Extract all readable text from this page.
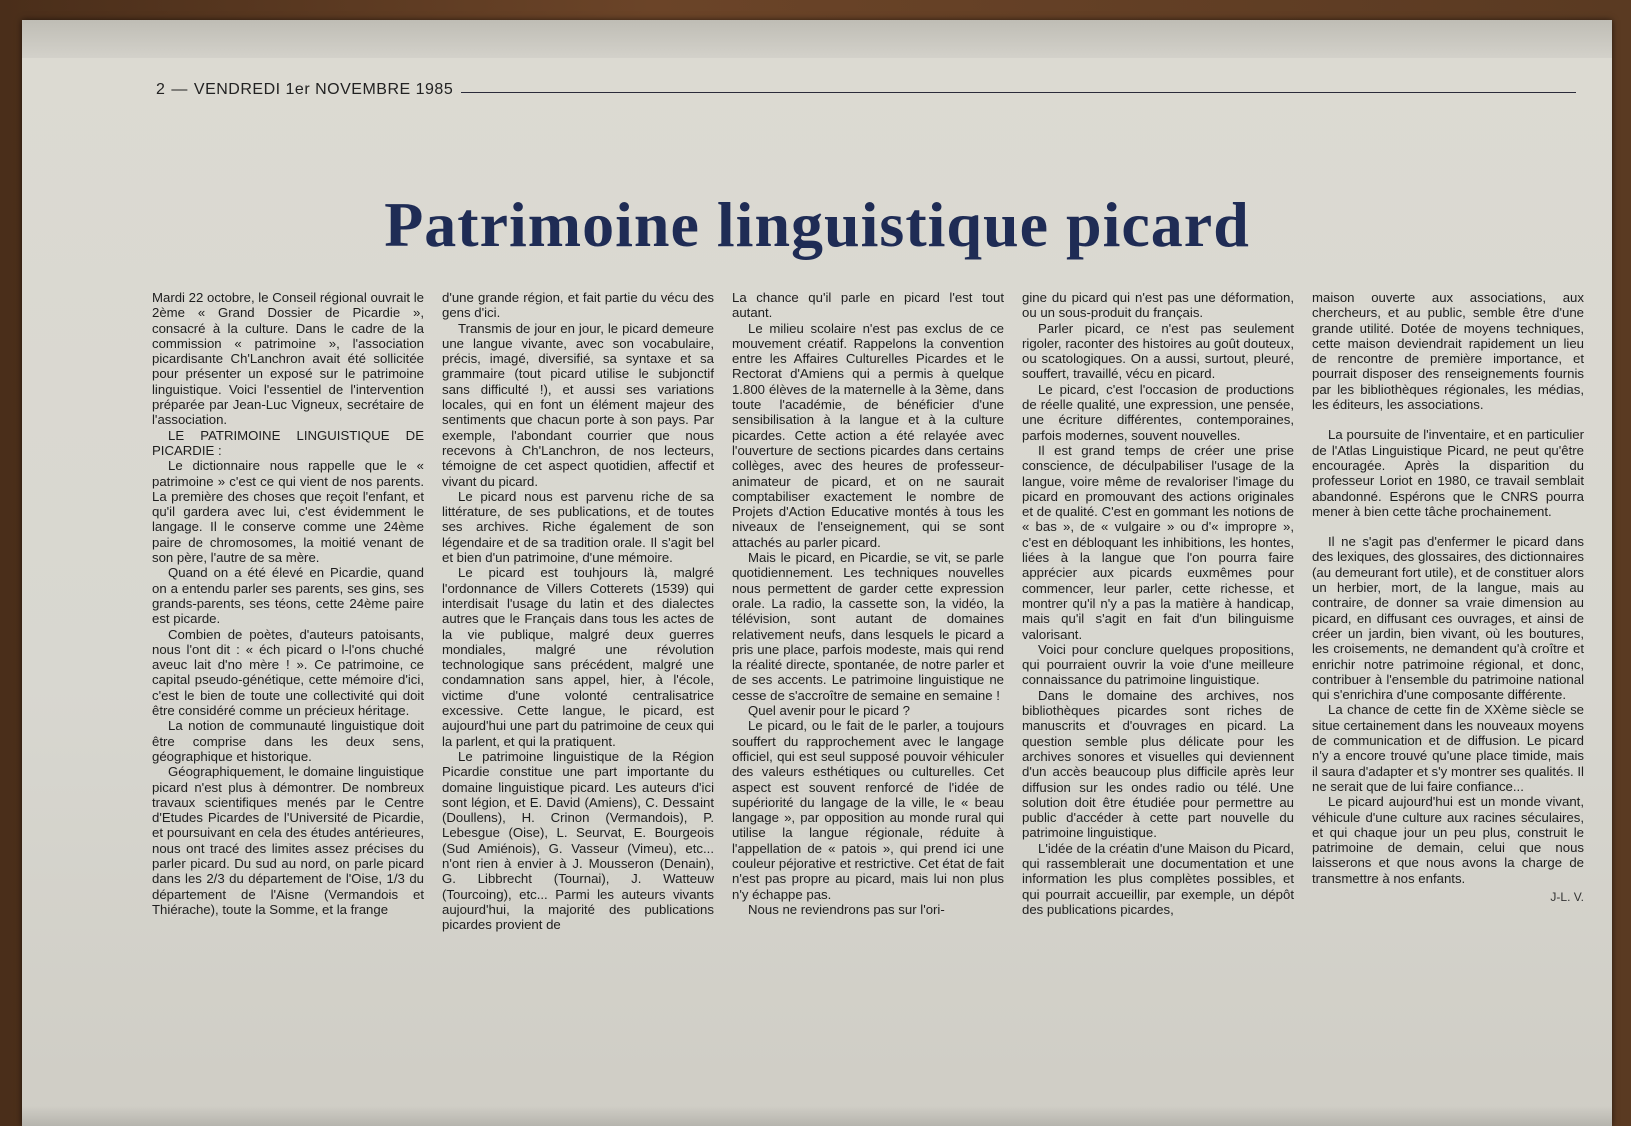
2 — VENDREDI 1er NOVEMBRE 1985
Patrimoine linguistique picard

Mardi 22 octobre, le Conseil régional ouvrait le 2ème « Grand Dossier de Picardie », consacré à la culture. Dans le cadre de la commission « patrimoine », l'association picardisante Ch'Lanchron avait été sollicitée pour présenter un exposé sur le patrimoine linguistique. Voici l'essentiel de l'intervention préparée par Jean-Luc Vigneux, secrétaire de l'association.

LE PATRIMOINE LINGUISTIQUE DE PICARDIE :

Le dictionnaire nous rappelle que le « patrimoine » c'est ce qui vient de nos parents. La première des choses que reçoit l'enfant, et qu'il gardera avec lui, c'est évidemment le langage. Il le conserve comme une 24ème paire de chromosomes, la moitié venant de son père, l'autre de sa mère.

Quand on a été élevé en Picardie, quand on a entendu parler ses parents, ses gins, ses grands-parents, ses téons, cette 24ème paire est picarde.

Combien de poètes, d'auteurs patoisants, nous l'ont dit : « éch picard o l-l'ons chuché aveuc lait d'no mère ! ». Ce patrimoine, ce capital pseudo-génétique, cette mémoire d'ici, c'est le bien de toute une collectivité qui doit être considéré comme un précieux héritage.

La notion de communauté linguistique doit être comprise dans les deux sens, géographique et historique.

Géographiquement, le domaine linguistique picard n'est plus à démontrer. De nombreux travaux scientifiques menés par le Centre d'Etudes Picardes de l'Université de Picardie, et poursuivant en cela des études antérieures, nous ont tracé des limites assez précises du parler picard. Du sud au nord, on parle picard dans les 2/3 du département de l'Oise, 1/3 du département de l'Aisne (Vermandois et Thiérache), toute la Somme, et la frange

d'une grande région, et fait partie du vécu des gens d'ici.

Transmis de jour en jour, le picard demeure une langue vivante, avec son vocabulaire, précis, imagé, diversifié, sa syntaxe et sa grammaire (tout picard utilise le subjonctif sans difficulté !), et aussi ses variations locales, qui en font un élément majeur des sentiments que chacun porte à son pays. Par exemple, l'abondant courrier que nous recevons à Ch'Lanchron, de nos lecteurs, témoigne de cet aspect quotidien, affectif et vivant du picard.

Le picard nous est parvenu riche de sa littérature, de ses publications, et de toutes ses archives. Riche également de son légendaire et de sa tradition orale. Il s'agit bel et bien d'un patrimoine, d'une mémoire.

Le picard est touhjours là, malgré l'ordonnance de Villers Cotterets (1539) qui interdisait l'usage du latin et des dialectes autres que le Français dans tous les actes de la vie publique, malgré deux guerres mondiales, malgré une révolution technologique sans précédent, malgré une condamnation sans appel, hier, à l'école, victime d'une volonté centralisatrice excessive. Cette langue, le picard, est aujourd'hui une part du patrimoine de ceux qui la parlent, et qui la pratiquent.

Le patrimoine linguistique de la Région Picardie constitue une part importante du domaine linguistique picard. Les auteurs d'ici sont légion, et E. David (Amiens), C. Dessaint (Doullens), H. Crinon (Vermandois), P. Lebesgue (Oise), L. Seurvat, E. Bourgeois (Sud Amiénois), G. Vasseur (Vimeu), etc... n'ont rien à envier à J. Mousseron (Denain), G. Libbrecht (Tournai), J. Watteuw (Tourcoing), etc... Parmi les auteurs vivants aujourd'hui, la majorité des publications picardes provient de

La chance qu'il parle en picard l'est tout autant.

Le milieu scolaire n'est pas exclus de ce mouvement créatif. Rappelons la convention entre les Affaires Culturelles Picardes et le Rectorat d'Amiens qui a permis à quelque 1.800 élèves de la maternelle à la 3ème, dans toute l'académie, de bénéficier d'une sensibilisation à la langue et à la culture picardes. Cette action a été relayée avec l'ouverture de sections picardes dans certains collèges, avec des heures de professeur-animateur de picard, et on ne saurait comptabiliser exactement le nombre de Projets d'Action Educative montés à tous les niveaux de l'enseignement, qui se sont attachés au parler picard.

Mais le picard, en Picardie, se vit, se parle quotidiennement. Les techniques nouvelles nous permettent de garder cette expression orale. La radio, la cassette son, la vidéo, la télévision, sont autant de domaines relativement neufs, dans lesquels le picard a pris une place, parfois modeste, mais qui rend la réalité directe, spontanée, de notre parler et de ses accents. Le patrimoine linguistique ne cesse de s'accroître de semaine en semaine !

Quel avenir pour le picard ?

Le picard, ou le fait de le parler, a toujours souffert du rapprochement avec le langage officiel, qui est seul supposé pouvoir véhiculer des valeurs esthétiques ou culturelles. Cet aspect est souvent renforcé de l'idée de supériorité du langage de la ville, le « beau langage », par opposition au monde rural qui utilise la langue régionale, réduite à l'appellation de « patois », qui prend ici une couleur péjorative et restrictive. Cet état de fait n'est pas propre au picard, mais lui non plus n'y échappe pas.

Nous ne reviendrons pas sur l'ori-

gine du picard qui n'est pas une déformation, ou un sous-produit du français.

Parler picard, ce n'est pas seulement rigoler, raconter des histoires au goût douteux, ou scatologiques. On a aussi, surtout, pleuré, souffert, travaillé, vécu en picard.

Le picard, c'est l'occasion de productions de réelle qualité, une expression, une pensée, une écriture différentes, contemporaines, parfois modernes, souvent nouvelles.

Il est grand temps de créer une prise conscience, de déculpabiliser l'usage de la langue, voire même de revaloriser l'image du picard en promouvant des actions originales et de qualité. C'est en gommant les notions de « bas », de « vulgaire » ou d'« impropre », c'est en débloquant les inhibitions, les hontes, liées à la langue que l'on pourra faire apprécier aux picards euxmêmes pour commencer, leur parler, cette richesse, et montrer qu'il n'y a pas la matière à handicap, mais qu'il s'agit en fait d'un bilinguisme valorisant.

Voici pour conclure quelques propositions, qui pourraient ouvrir la voie d'une meilleure connaissance du patrimoine linguistique.

Dans le domaine des archives, nos bibliothèques picardes sont riches de manuscrits et d'ouvrages en picard. La question semble plus délicate pour les archives sonores et visuelles qui deviennent d'un accès beaucoup plus difficile après leur diffusion sur les ondes radio ou télé. Une solution doit être étudiée pour permettre au public d'accéder à cette part nouvelle du patrimoine linguistique.

L'idée de la créatin d'une Maison du Picard, qui rassemblerait une documentation et une information les plus complètes possibles, et qui pourrait accueillir, par exemple, un dépôt des publications picardes,

maison ouverte aux associations, aux chercheurs, et au public, semble être d'une grande utilité. Dotée de moyens techniques, cette maison deviendrait rapidement un lieu de rencontre de première importance, et pourrait disposer des renseignements fournis par les bibliothèques régionales, les médias, les éditeurs, les associations.

La poursuite de l'inventaire, et en particulier de l'Atlas Linguistique Picard, ne peut qu'être encouragée. Après la disparition du professeur Loriot en 1980, ce travail semblait abandonné. Espérons que le CNRS pourra mener à bien cette tâche prochainement.

Il ne s'agit pas d'enfermer le picard dans des lexiques, des glossaires, des dictionnaires (au demeurant fort utile), et de constituer alors un herbier, mort, de la langue, mais au contraire, de donner sa vraie dimension au picard, en diffusant ces ouvrages, et ainsi de créer un jardin, bien vivant, où les boutures, les croisements, ne demandent qu'à croître et enrichir notre patrimoine régional, et donc, contribuer à l'ensemble du patrimoine national qui s'enrichira d'une composante différente.

La chance de cette fin de XXème siècle se situe certainement dans les nouveaux moyens de communication et de diffusion. Le picard n'y a encore trouvé qu'une place timide, mais il saura d'adapter et s'y montrer ses qualités. Il ne serait que de lui faire confiance...

Le picard aujourd'hui est un monde vivant, véhicule d'une culture aux racines séculaires, et qui chaque jour un peu plus, construit le patrimoine de demain, celui que nous laisserons et que nous avons la charge de transmettre à nos enfants.

J-L. V.
